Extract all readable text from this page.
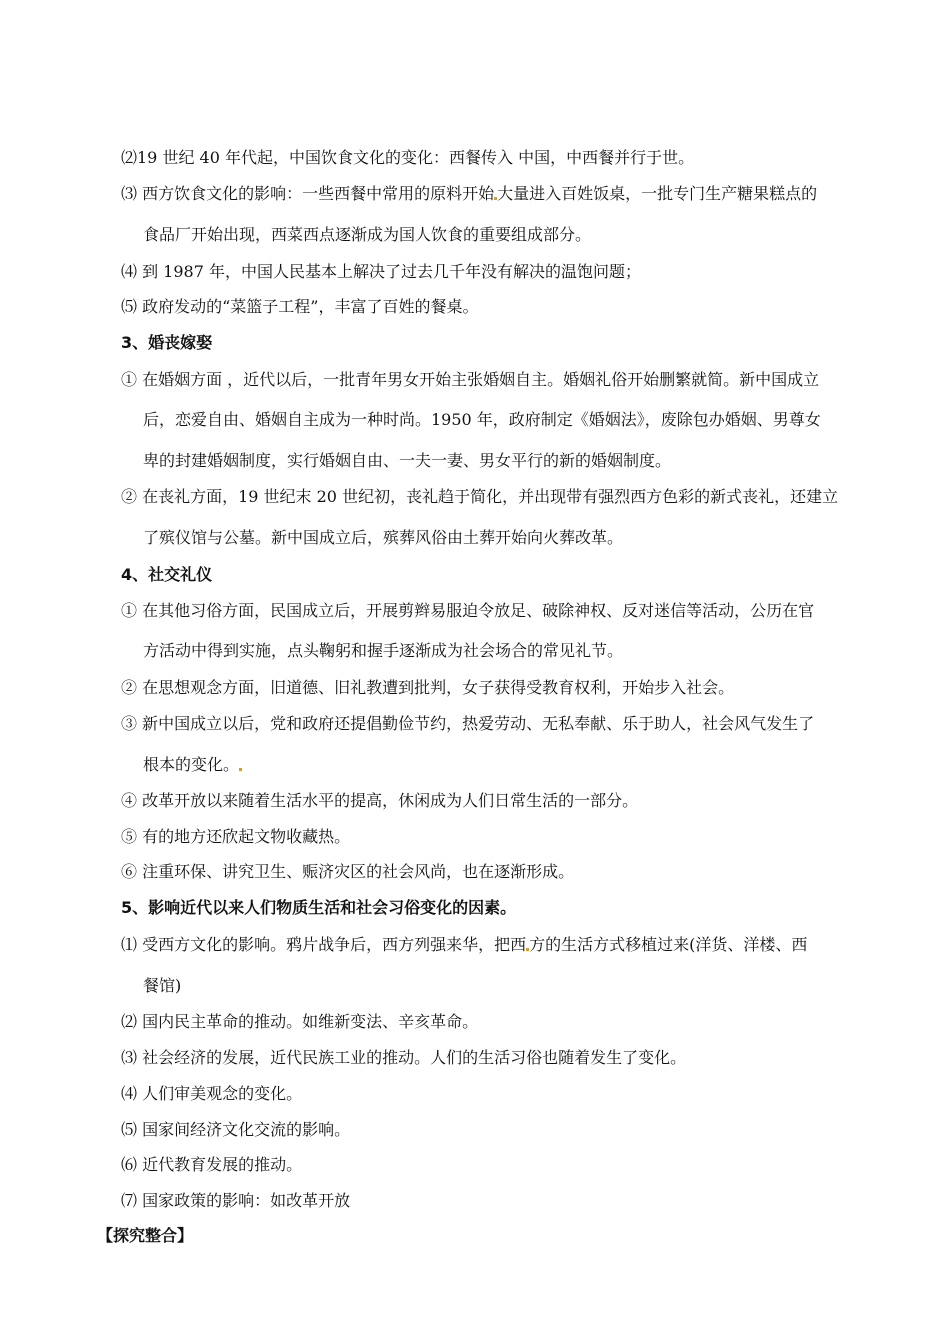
⑵19 世纪 40 年代起，中国饮食文化的变化：西餐传入 中国，中西餐并行于世。
⑶ 西方饮食文化的影响：一些西餐中常用的原料开始 大量进入百姓饭桌，一批专门生产糖果糕点的
食品厂开始出现，西菜西点逐渐成为国人饮食的重要组成部分。
⑷ 到 1987 年，中国人民基本上解决了过去几千年没有解决的温饱问题；
⑸ 政府发动的“菜篮子工程”，丰富了百姓的餐桌。
3、婚丧嫁娶
① 在婚姻方面 ，近代以后，一批青年男女开始主张婚姻自主。婚姻礼俗开始删繁就简。新中国成立
后，恋爱自由、婚姻自主成为一种时尚。1950 年，政府制定《婚姻法》，废除包办婚姻、男尊女
卑的封建婚姻制度，实行婚姻自由、一夫一妻、男女平行的新的婚姻制度。
② 在丧礼方面，19 世纪末 20 世纪初，丧礼趋于简化，并出现带有强烈西方色彩的新式丧礼，还建立
了殡仪馆与公墓。新中国成立后，殡葬风俗由土葬开始向火葬改革。
4、社交礼仪
① 在其他习俗方面，民国成立后，开展剪辫易服迫令放足、破除神权、反对迷信等活动，公历在官
方活动中得到实施，点头鞠躬和握手逐渐成为社会场合的常见礼节。
② 在思想观念方面，旧道德、旧礼教遭到批判，女子获得受教育权利，开始步入社会。
③ 新中国成立以后，党和政府还提倡勤俭节约，热爱劳动、无私奉献、乐于助人，社会风气发生了
根本的变化。
④ 改革开放以来随着生活水平的提高，休闲成为人们日常生活的一部分。
⑤ 有的地方还欣起文物收藏热。
⑥ 注重环保、讲究卫生、赈济灾区的社会风尚，也在逐渐形成。
5、影响近代以来人们物质生活和社会习俗变化的因素。
⑴ 受西方文化的影响。鸦片战争后，西方列强来华，把西 方的生活方式移植过来(洋货、洋楼、西
餐馆)
⑵ 国内民主革命的推动。如维新变法、辛亥革命。
⑶ 社会经济的发展，近代民族工业的推动。人们的生活习俗也随着发生了变化。
⑷ 人们审美观念的变化。
⑸ 国家间经济文化交流的影响。
⑹ 近代教育发展的推动。
⑺ 国家政策的影响：如改革开放
【探究整合】
